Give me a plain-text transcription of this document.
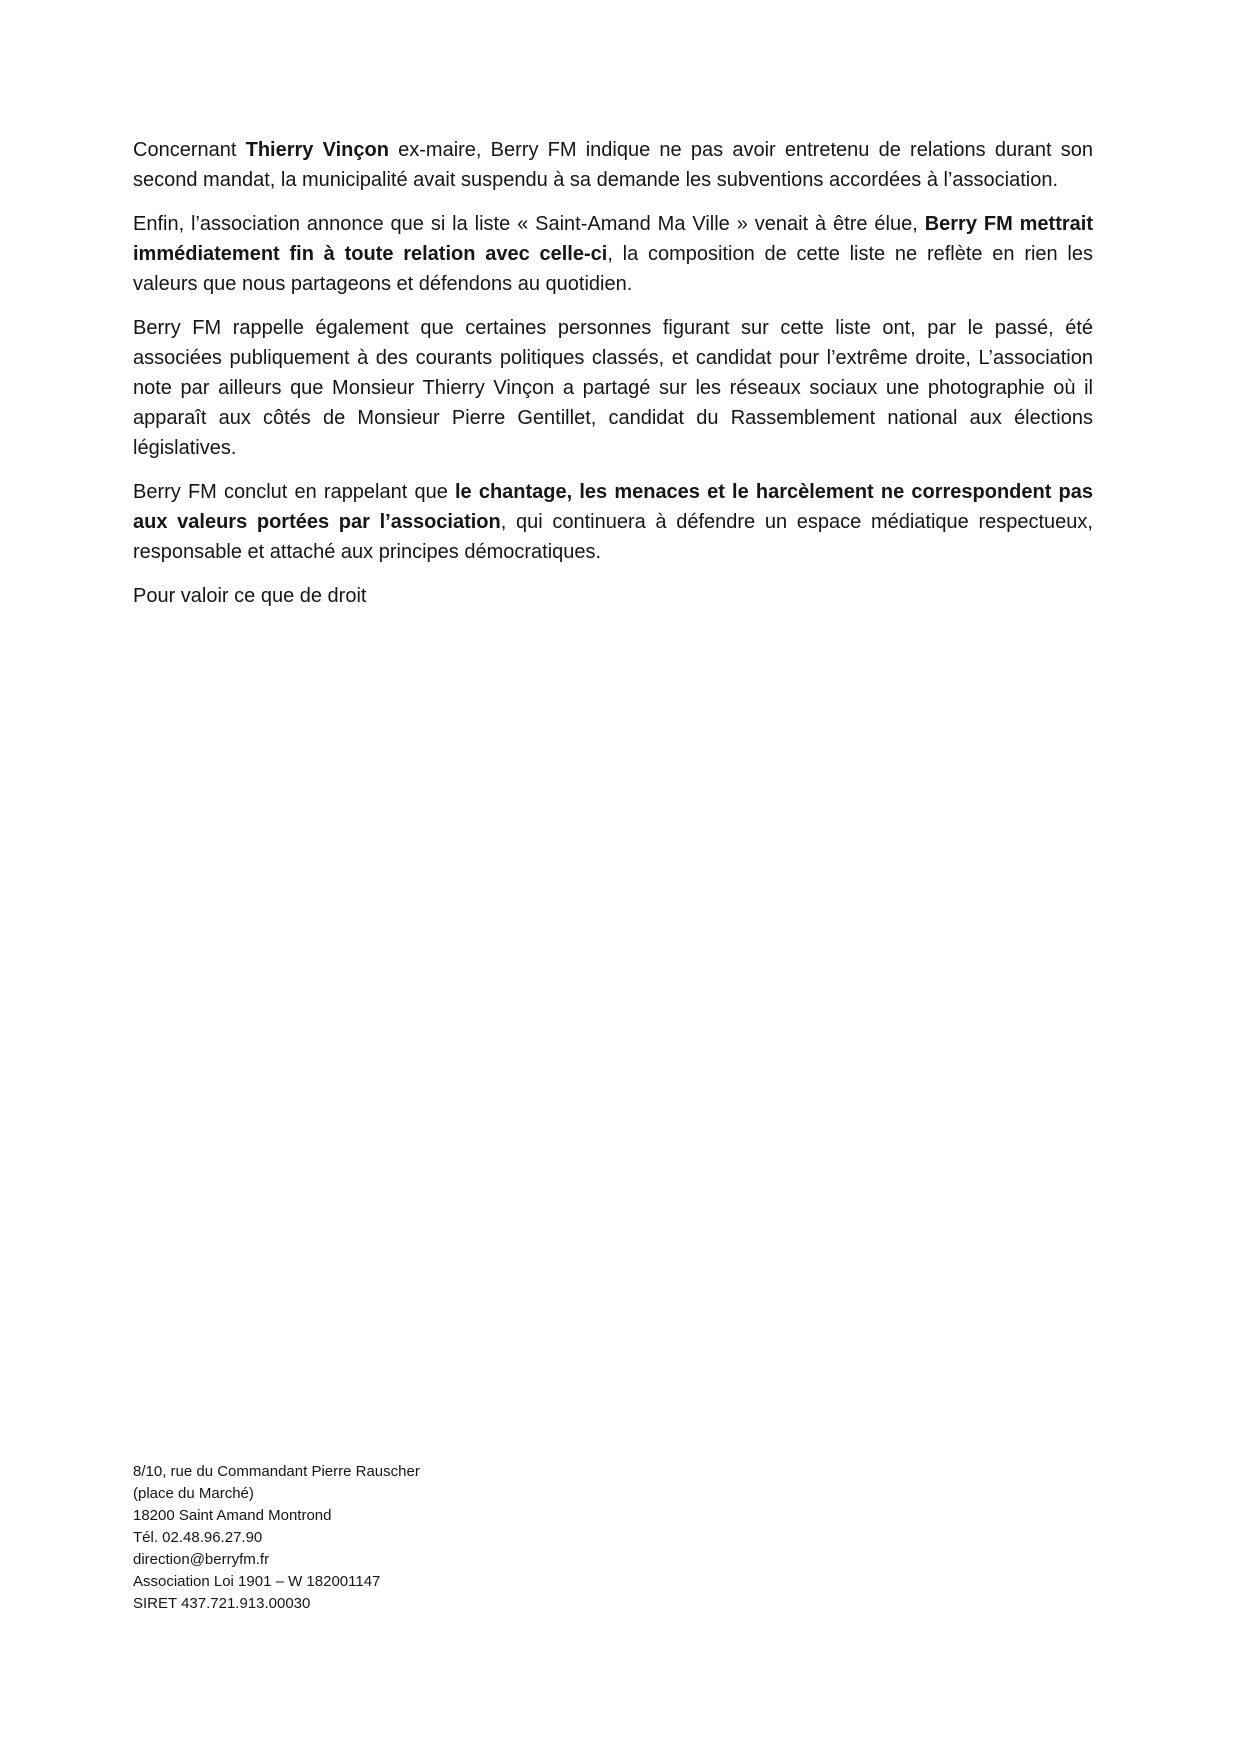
Concernant Thierry Vinçon ex-maire, Berry FM indique ne pas avoir entretenu de relations durant son second mandat, la municipalité avait suspendu à sa demande les subventions accordées à l’association.

Enfin, l’association annonce que si la liste « Saint-Amand Ma Ville » venait à être élue, Berry FM mettrait immédiatement fin à toute relation avec celle-ci, la composition de cette liste ne reflète en rien les valeurs que nous partageons et défendons au quotidien.

Berry FM rappelle également que certaines personnes figurant sur cette liste ont, par le passé, été associées publiquement à des courants politiques classés, et candidat pour l’extrême droite, L’association note par ailleurs que Monsieur Thierry Vinçon a partagé sur les réseaux sociaux une photographie où il apparaît aux côtés de Monsieur Pierre Gentillet, candidat du Rassemblement national aux élections législatives.

Berry FM conclut en rappelant que le chantage, les menaces et le harcèlement ne correspondent pas aux valeurs portées par l’association, qui continuera à défendre un espace médiatique respectueux, responsable et attaché aux principes démocratiques.

Pour valoir ce que de droit

8/10, rue du Commandant Pierre Rauscher
(place du Marché)
18200 Saint Amand Montrond
Tél. 02.48.96.27.90
direction@berryfm.fr
Association Loi 1901 – W 182001147
SIRET 437.721.913.00030
